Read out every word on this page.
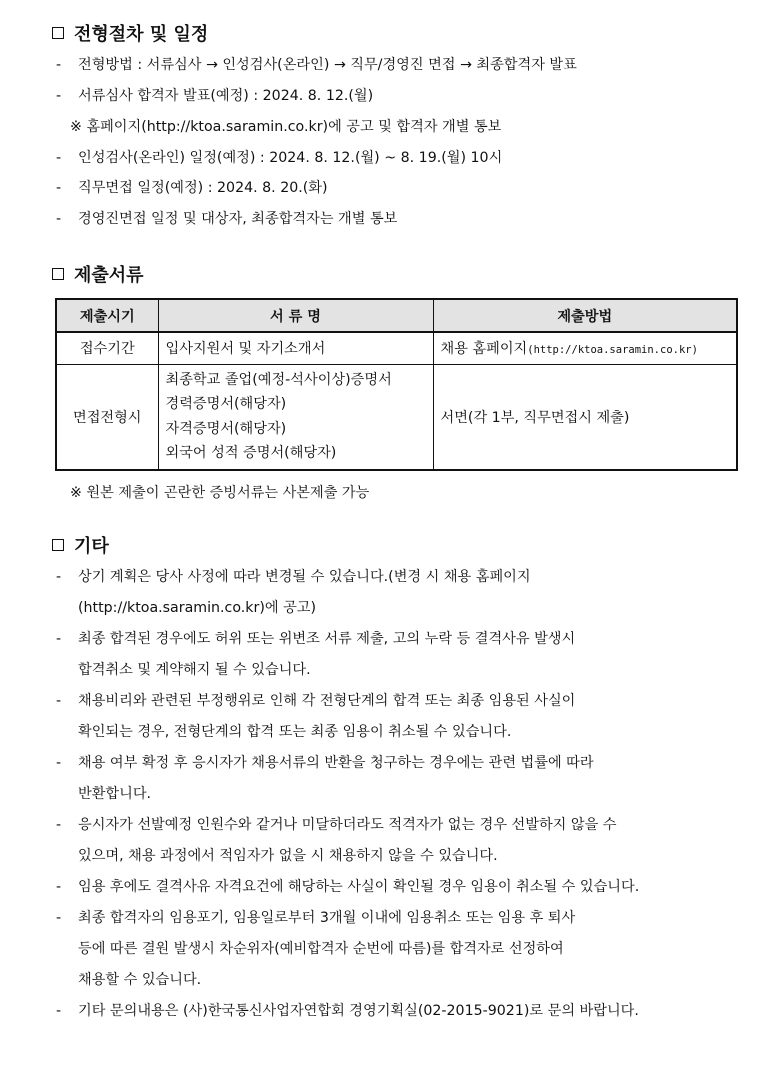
전형절차 및 일정
- 전형방법 : 서류심사 → 인성검사(온라인) → 직무/경영진 면접 → 최종합격자 발표
- 서류심사 합격자 발표(예정) : 2024. 8. 12.(월)
※ 홈페이지(http://ktoa.saramin.co.kr)에 공고 및 합격자 개별 통보
- 인성검사(온라인) 일정(예정) : 2024. 8. 12.(월) ~ 8. 19.(월) 10시
- 직무면접 일정(예정) : 2024. 8. 20.(화)
- 경영진면접 일정 및 대상자, 최종합격자는 개별 통보
제출서류
제출시기	서 류 명	제출방법
접수기간	입사지원서 및 자기소개서	채용 홈페이지(http://ktoa.saramin.co.kr)
면접전형시	최종학교 졸업(예정-석사이상)증명서
경력증명서(해당자)
자격증명서(해당자)
외국어 성적 증명서(해당자)	서면(각 1부, 직무면접시 제출)
※ 원본 제출이 곤란한 증빙서류는 사본제출 가능
기타
- 상기 계획은 당사 사정에 따라 변경될 수 있습니다.(변경 시 채용 홈페이지
(http://ktoa.saramin.co.kr)에 공고)
- 최종 합격된 경우에도 허위 또는 위변조 서류 제출, 고의 누락 등 결격사유 발생시
합격취소 및 계약해지 될 수 있습니다.
- 채용비리와 관련된 부정행위로 인해 각 전형단계의 합격 또는 최종 임용된 사실이
확인되는 경우, 전형단계의 합격 또는 최종 임용이 취소될 수 있습니다.
- 채용 여부 확정 후 응시자가 채용서류의 반환을 청구하는 경우에는 관련 법률에 따라
반환합니다.
- 응시자가 선발예정 인원수와 같거나 미달하더라도 적격자가 없는 경우 선발하지 않을 수
있으며, 채용 과정에서 적임자가 없을 시 채용하지 않을 수 있습니다.
- 임용 후에도 결격사유 자격요건에 해당하는 사실이 확인될 경우 임용이 취소될 수 있습니다.
- 최종 합격자의 임용포기, 임용일로부터 3개월 이내에 임용취소 또는 임용 후 퇴사
등에 따른 결원 발생시 차순위자(예비합격자 순번에 따름)를 합격자로 선정하여
채용할 수 있습니다.
- 기타 문의내용은 (사)한국통신사업자연합회 경영기획실(02-2015-9021)로 문의 바랍니다.
